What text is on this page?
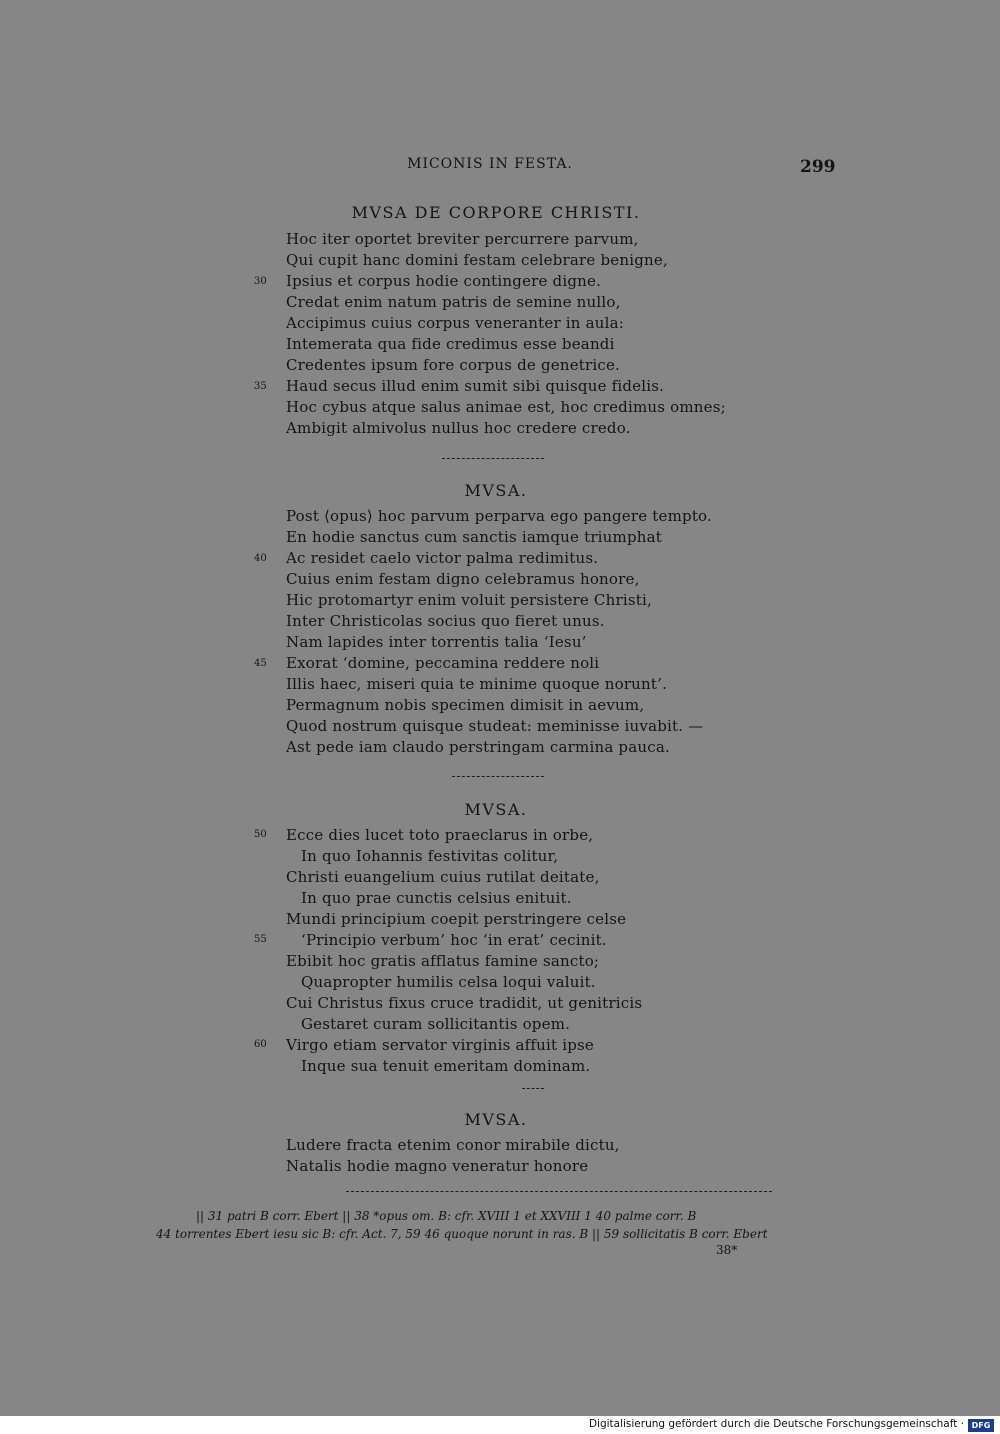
MICONIS IN FESTA.	299
MVSA DE CORPORE CHRISTI.
Hoc iter oportet breviter percurrere parvum,
Qui cupit hanc domini festam celebrare benigne,
30 Ipsius et corpus hodie contingere digne.
Credat enim natum patris de semine nullo,
Accipimus cuius corpus veneranter in aula:
Intemerata qua fide credimus esse beandi
Credentes ipsum fore corpus de genetrice.
35 Haud secus illud enim sumit sibi quisque fidelis.
Hoc cybus atque salus animae est, hoc credimus omnes;
Ambigit almivolus nullus hoc credere credo.
MVSA.
Post ⟨opus⟩ hoc parvum perparva ego pangere tempto.
En hodie sanctus cum sanctis iamque triumphat
40 Ac residet caelo victor palma redimitus.
Cuius enim festam digno celebramus honore,
Hic protomartyr enim voluit persistere Christi,
Inter Christicolas socius quo fieret unus.
Nam lapides inter torrentis talia ‘Iesu’
45 Exorat ‘domine, peccamina reddere noli
Illis haec, miseri quia te minime quoque norunt’.
Permagnum nobis specimen dimisit in aevum,
Quod nostrum quisque studeat: meminisse iuvabit. —
Ast pede iam claudo perstringam carmina pauca.
MVSA.
50 Ecce dies lucet toto praeclarus in orbe,
In quo Iohannis festivitas colitur,
Christi euangelium cuius rutilat deitate,
In quo prae cunctis celsius enituit.
Mundi principium coepit perstringere celse
55 ‘Principio verbum’ hoc ‘in erat’ cecinit.
Ebibit hoc gratis afflatus famine sancto;
Quapropter humilis celsa loqui valuit.
Cui Christus fixus cruce tradidit, ut genitricis
Gestaret curam sollicitantis opem.
60 Virgo etiam servator virginis affuit ipse
Inque sua tenuit emeritam dominam.
MVSA.
Ludere fracta etenim conor mirabile dictu,
Natalis hodie magno veneratur honore
|| 31 patri B corr. Ebert || 38 *opus om. B: cfr. XVIII 1 et XXVIII 1 40 palme corr. B
44 torrentes Ebert iesu sic B: cfr. Act. 7, 59 46 quoque norunt in ras. B || 59 sollicitatis B corr. Ebert
38*
Digitalisierung gefördert durch die Deutsche Forschungsgemeinschaft · DFG
